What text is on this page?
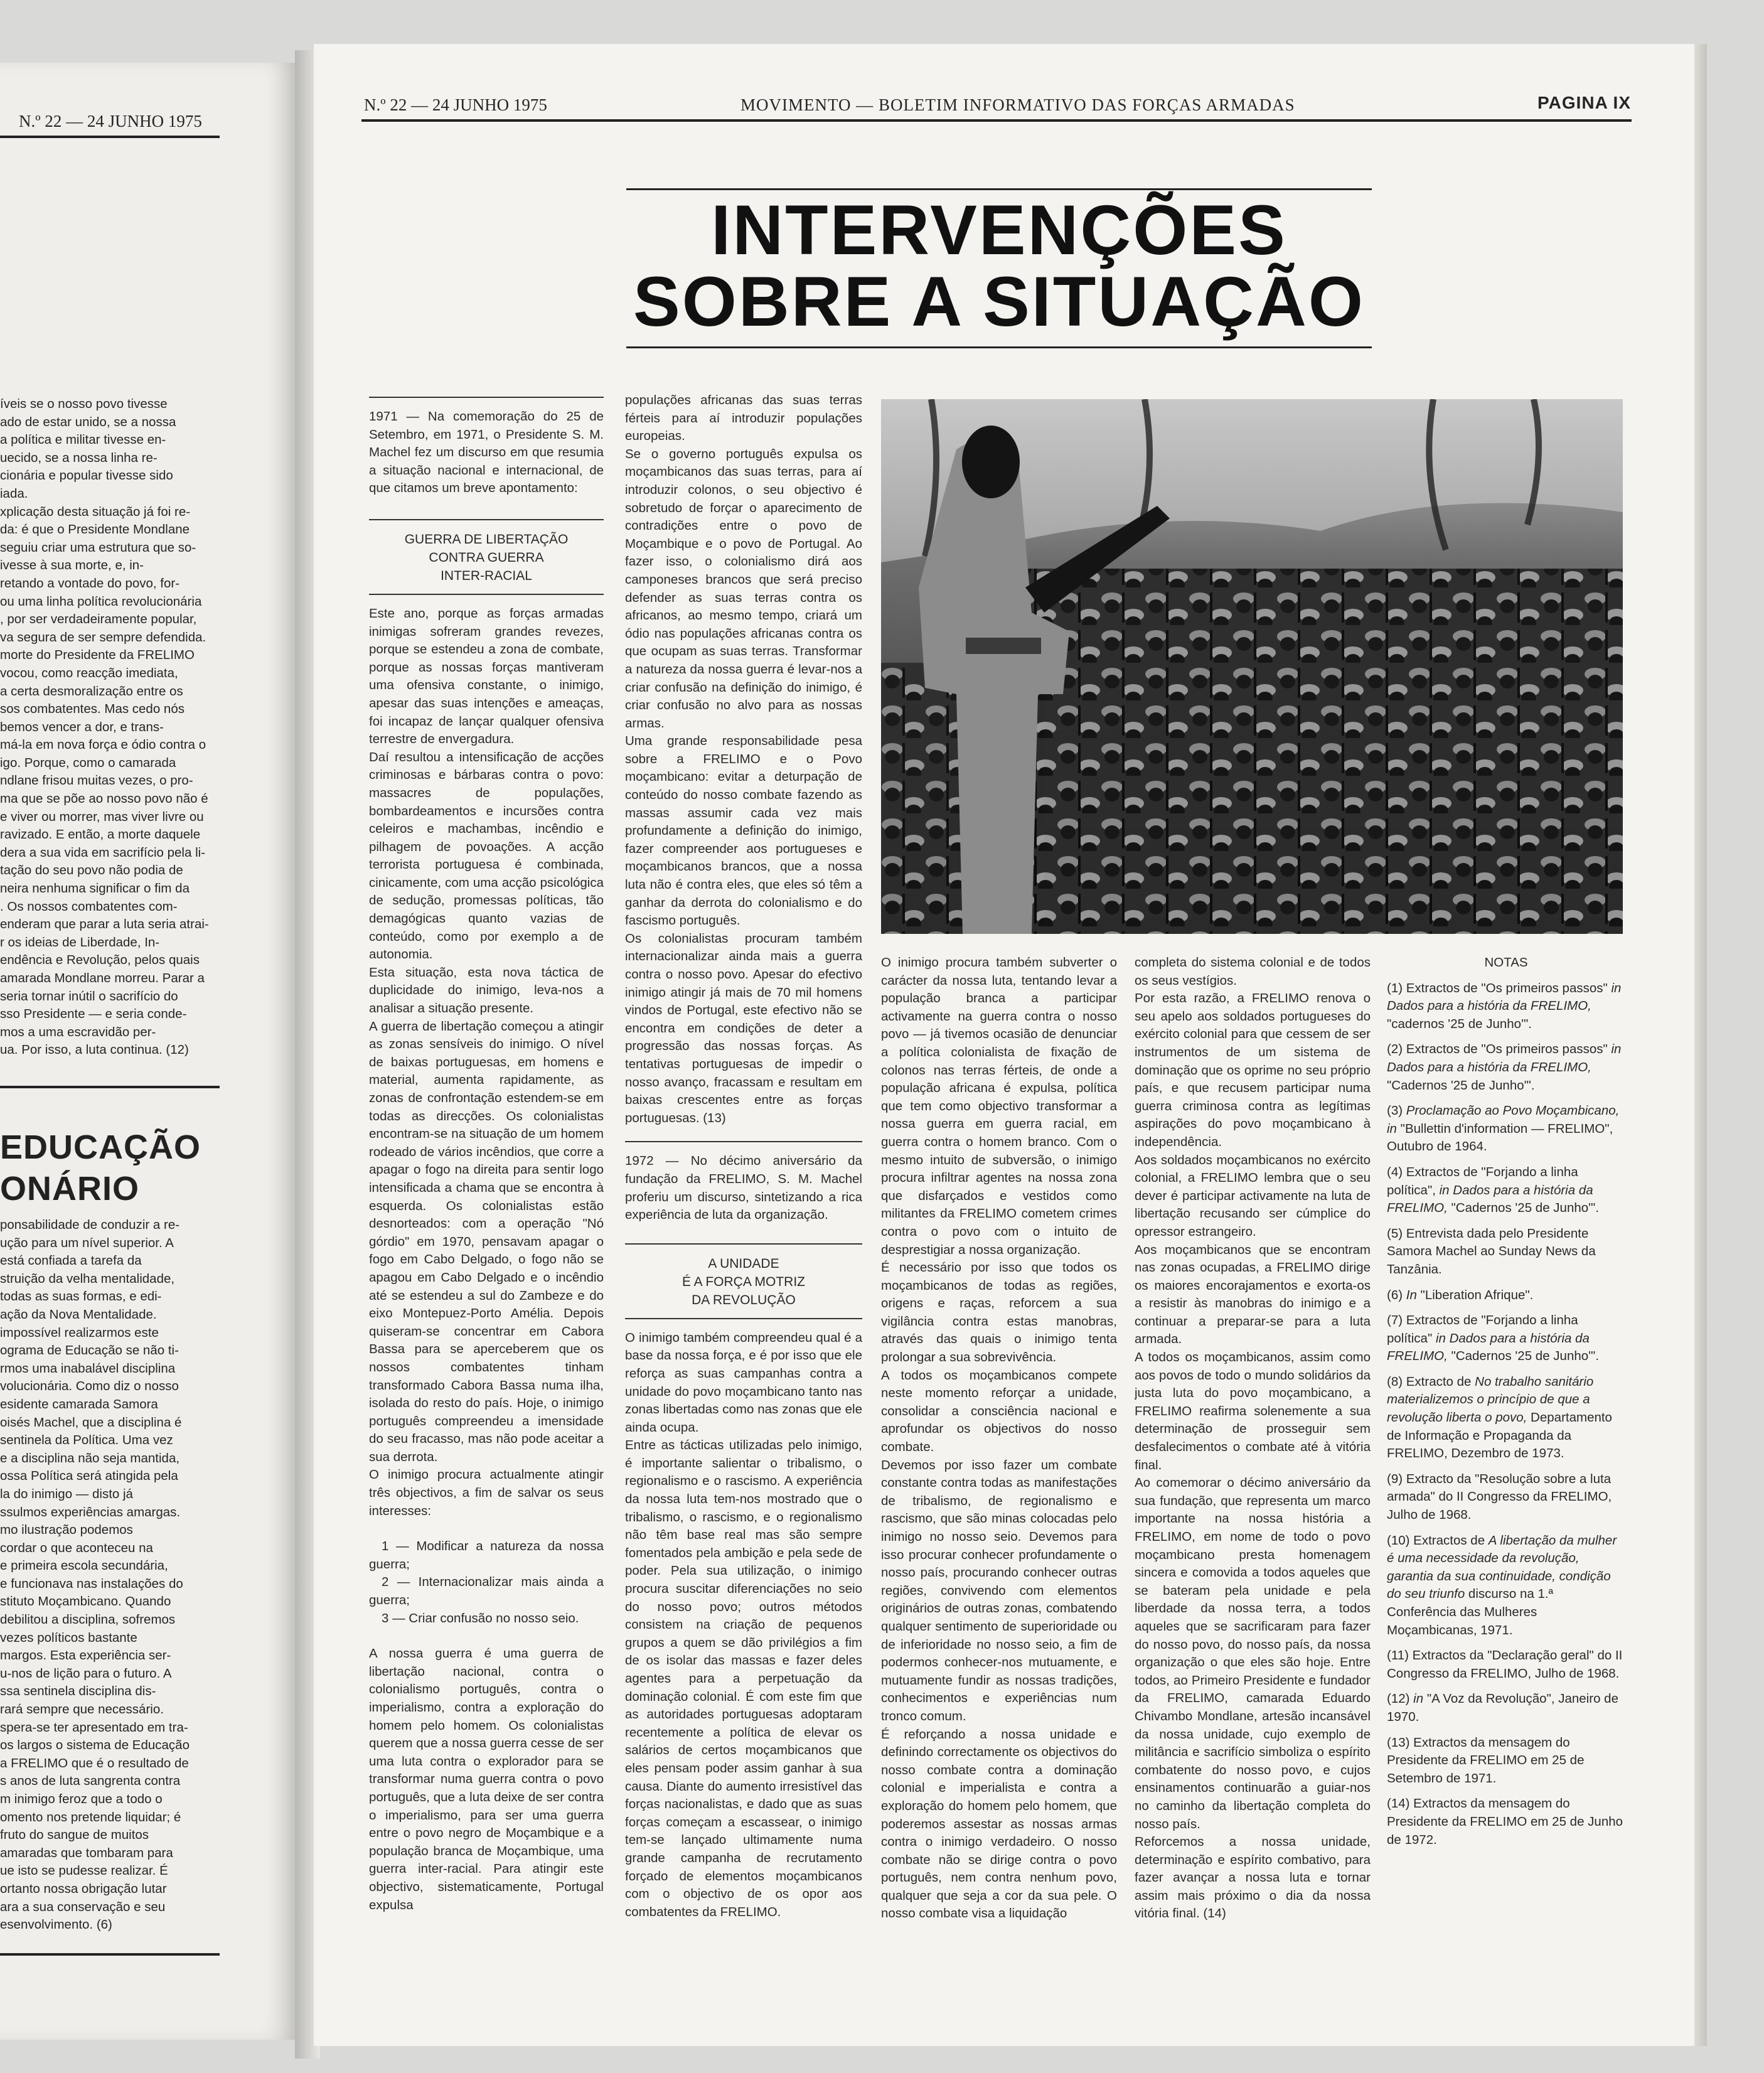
N.º 22 — 24 JUNHO 1975
íveis se o nosso povo tivesse
ado de estar unido, se a nossa
a política e militar tivesse en-
uecido, se a nossa linha re-
cionária e popular tivesse sido
iada.
xplicação desta situação já foi re-
da: é que o Presidente Mondlane
seguiu criar uma estrutura que so-
ivesse à sua morte, e, in-
retando a vontade do povo, for-
ou uma linha política revolucionária
, por ser verdadeiramente popular,
va segura de ser sempre defendida.
morte do Presidente da FRELIMO
vocou, como reacção imediata,
a certa desmoralização entre os
sos combatentes. Mas cedo nós
bemos vencer a dor, e trans-
má-la em nova força e ódio contra o
igo. Porque, como o camarada
ndlane frisou muitas vezes, o pro-
ma que se põe ao nosso povo não é
e viver ou morrer, mas viver livre ou
ravizado. E então, a morte daquele
dera a sua vida em sacrifício pela li-
tação do seu povo não podia de
neira nenhuma significar o fim da
. Os nossos combatentes com-
enderam que parar a luta seria atrai-
r os ideias de Liberdade, In-
endência e Revolução, pelos quais
amarada Mondlane morreu. Parar a
seria tornar inútil o sacrifício do
sso Presidente — e seria conde-
mos a uma escravidão per-
ua. Por isso, a luta continua. (12)
EDUCAÇÃO
ONÁRIO
ponsabilidade de conduzir a re-
ução para um nível superior. A
está confiada a tarefa da
struição da velha mentalidade,
todas as suas formas, e edi-
ação da Nova Mentalidade.
impossível realizarmos este
ograma de Educação se não ti-
rmos uma inabalável disciplina
volucionária. Como diz o nosso
esidente camarada Samora
oisés Machel, que a disciplina é
sentinela da Política. Uma vez
e a disciplina não seja mantida,
ossa Política será atingida pela
la do inimigo — disto já
ssulmos experiências amargas.
mo ilustração podemos
cordar o que aconteceu na
e primeira escola secundária,
e funcionava nas instalações do
stituto Moçambicano. Quando
debilitou a disciplina, sofremos
vezes políticos bastante
margos. Esta experiência ser-
u-nos de lição para o futuro. A
ssa sentinela disciplina dis-
rará sempre que necessário.
spera-se ter apresentado em tra-
os largos o sistema de Educação
a FRELIMO que é o resultado de
s anos de luta sangrenta contra
m inimigo feroz que a todo o
omento nos pretende liquidar; é
fruto do sangue de muitos
amaradas que tombaram para
ue isto se pudesse realizar. É
ortanto nossa obrigação lutar
ara a sua conservação e seu
esenvolvimento. (6)
N.º 22 — 24 JUNHO 1975	MOVIMENTO — BOLETIM INFORMATIVO DAS FORÇAS ARMADAS	PAGINA IX
INTERVENÇÕES
SOBRE A SITUAÇÃO

1971 — Na comemoração do 25 de Setembro, em 1971, o Presidente S. M. Machel fez um discurso em que resumia a situação nacional e internacional, de que citamos um breve apontamento:

GUERRA DE LIBERTAÇÃO
CONTRA GUERRA
INTER-RACIAL

Este ano, porque as forças armadas inimigas sofreram grandes revezes, porque se estendeu a zona de combate, porque as nossas forças mantiveram uma ofensiva constante, o inimigo, apesar das suas intenções e ameaças, foi incapaz de lançar qualquer ofensiva terrestre de envergadura.

Daí resultou a intensificação de acções criminosas e bárbaras contra o povo: massacres de populações, bombardeamentos e incursões contra celeiros e machambas, incêndio e pilhagem de povoações. A acção terrorista portuguesa é combinada, cinicamente, com uma acção psicológica de sedução, promessas políticas, tão demagógicas quanto vazias de conteúdo, como por exemplo a de autonomia.

Esta situação, esta nova táctica de duplicidade do inimigo, leva-nos a analisar a situação presente.

A guerra de libertação começou a atingir as zonas sensíveis do inimigo. O nível de baixas portuguesas, em homens e material, aumenta rapidamente, as zonas de confrontação estendem-se em todas as direcções. Os colonialistas encontram-se na situação de um homem rodeado de vários incêndios, que corre a apagar o fogo na direita para sentir logo intensificada a chama que se encontra à esquerda. Os colonialistas estão desnorteados: com a operação "Nó górdio" em 1970, pensavam apagar o fogo em Cabo Delgado, o fogo não se apagou em Cabo Delgado e o incêndio até se estendeu a sul do Zambeze e do eixo Montepuez-Porto Amélia. Depois quiseram-se concentrar em Cabora Bassa para se aperceberem que os nossos combatentes tinham transformado Cabora Bassa numa ilha, isolada do resto do país. Hoje, o inimigo português compreendeu a imensidade do seu fracasso, mas não pode aceitar a sua derrota.

O inimigo procura actualmente atingir três objectivos, a fim de salvar os seus interesses:

1 — Modificar a natureza da nossa guerra;

2 — Internacionalizar mais ainda a guerra;

3 — Criar confusão no nosso seio.

A nossa guerra é uma guerra de libertação nacional, contra o colonialismo português, contra o imperialismo, contra a exploração do homem pelo homem. Os colonialistas querem que a nossa guerra cesse de ser uma luta contra o explorador para se transformar numa guerra contra o povo português, que a luta deixe de ser contra o imperialismo, para ser uma guerra entre o povo negro de Moçambique e a população branca de Moçambique, uma guerra inter-racial. Para atingir este objectivo, sistematicamente, Portugal expulsa

populações africanas das suas terras férteis para aí introduzir populações europeias.

Se o governo português expulsa os moçambicanos das suas terras, para aí introduzir colonos, o seu objectivo é sobretudo de forçar o aparecimento de contradições entre o povo de Moçambique e o povo de Portugal. Ao fazer isso, o colonialismo dirá aos camponeses brancos que será preciso defender as suas terras contra os africanos, ao mesmo tempo, criará um ódio nas populações africanas contra os que ocupam as suas terras. Transformar a natureza da nossa guerra é levar-nos a criar confusão na definição do inimigo, é criar confusão no alvo para as nossas armas.

Uma grande responsabilidade pesa sobre a FRELIMO e o Povo moçambicano: evitar a deturpação de conteúdo do nosso combate fazendo as massas assumir cada vez mais profundamente a definição do inimigo, fazer compreender aos portugueses e moçambicanos brancos, que a nossa luta não é contra eles, que eles só têm a ganhar da derrota do colonialismo e do fascismo português.

Os colonialistas procuram também internacionalizar ainda mais a guerra contra o nosso povo. Apesar do efectivo inimigo atingir já mais de 70 mil homens vindos de Portugal, este efectivo não se encontra em condições de deter a progressão das nossas forças. As tentativas portuguesas de impedir o nosso avanço, fracassam e resultam em baixas crescentes entre as forças portuguesas. (13)

1972 — No décimo aniversário da fundação da FRELIMO, S. M. Machel proferiu um discurso, sintetizando a rica experiência de luta da organização.

A UNIDADE
É A FORÇA MOTRIZ
DA REVOLUÇÃO

O inimigo também compreendeu qual é a base da nossa força, e é por isso que ele reforça as suas campanhas contra a unidade do povo moçambicano tanto nas zonas libertadas como nas zonas que ele ainda ocupa.

Entre as tácticas utilizadas pelo inimigo, é importante salientar o tribalismo, o regionalismo e o rascismo. A experiência da nossa luta tem-nos mostrado que o tribalismo, o rascismo, e o regionalismo não têm base real mas são sempre fomentados pela ambição e pela sede de poder. Pela sua utilização, o inimigo procura suscitar diferenciações no seio do nosso povo; outros métodos consistem na criação de pequenos grupos a quem se dão privilégios a fim de os isolar das massas e fazer deles agentes para a perpetuação da dominação colonial. É com este fim que as autoridades portuguesas adoptaram recentemente a política de elevar os salários de certos moçambicanos que eles pensam poder assim ganhar à sua causa. Diante do aumento irresistível das forças nacionalistas, e dado que as suas forças começam a escassear, o inimigo tem-se lançado ultimamente numa grande campanha de recrutamento forçado de elementos moçambicanos com o objectivo de os opor aos combatentes da FRELIMO.

O inimigo procura também subverter o carácter da nossa luta, tentando levar a população branca a participar activamente na guerra contra o nosso povo — já tivemos ocasião de denunciar a política colonialista de fixação de colonos nas terras férteis, de onde a população africana é expulsa, política que tem como objectivo transformar a nossa guerra em guerra racial, em guerra contra o homem branco. Com o mesmo intuito de subversão, o inimigo procura infiltrar agentes na nossa zona que disfarçados e vestidos como militantes da FRELIMO cometem crimes contra o povo com o intuito de desprestigiar a nossa organização.

É necessário por isso que todos os moçambicanos de todas as regiões, origens e raças, reforcem a sua vigilância contra estas manobras, através das quais o inimigo tenta prolongar a sua sobrevivência.

A todos os moçambicanos compete neste momento reforçar a unidade, consolidar a consciência nacional e aprofundar os objectivos do nosso combate.

Devemos por isso fazer um combate constante contra todas as manifestações de tribalismo, de regionalismo e rascismo, que são minas colocadas pelo inimigo no nosso seio. Devemos para isso procurar conhecer profundamente o nosso país, procurando conhecer outras regiões, convivendo com elementos originários de outras zonas, combatendo qualquer sentimento de superioridade ou de inferioridade no nosso seio, a fim de podermos conhecer-nos mutuamente, e mutuamente fundir as nossas tradições, conhecimentos e experiências num tronco comum.

É reforçando a nossa unidade e definindo correctamente os objectivos do nosso combate contra a dominação colonial e imperialista e contra a exploração do homem pelo homem, que poderemos assestar as nossas armas contra o inimigo verdadeiro. O nosso combate não se dirige contra o povo português, nem contra nenhum povo, qualquer que seja a cor da sua pele. O nosso combate visa a liquidação

completa do sistema colonial e de todos os seus vestígios.

Por esta razão, a FRELIMO renova o seu apelo aos soldados portugueses do exército colonial para que cessem de ser instrumentos de um sistema de dominação que os oprime no seu próprio país, e que recusem participar numa guerra criminosa contra as legítimas aspirações do povo moçambicano à independência.

Aos soldados moçambicanos no exército colonial, a FRELIMO lembra que o seu dever é participar activamente na luta de libertação recusando ser cúmplice do opressor estrangeiro.

Aos moçambicanos que se encontram nas zonas ocupadas, a FRELIMO dirige os maiores encorajamentos e exorta-os a resistir às manobras do inimigo e a continuar a preparar-se para a luta armada.

A todos os moçambicanos, assim como aos povos de todo o mundo solidários da justa luta do povo moçambicano, a FRELIMO reafirma solenemente a sua determinação de prosseguir sem desfalecimentos o combate até à vitória final.

Ao comemorar o décimo aniversário da sua fundação, que representa um marco importante na nossa história a FRELIMO, em nome de todo o povo moçambicano presta homenagem sincera e comovida a todos aqueles que se bateram pela unidade e pela liberdade da nossa terra, a todos aqueles que se sacrificaram para fazer do nosso povo, do nosso país, da nossa organização o que eles são hoje. Entre todos, ao Primeiro Presidente e fundador da FRELIMO, camarada Eduardo Chivambo Mondlane, artesão incansável da nossa unidade, cujo exemplo de militância e sacrifício simboliza o espírito combatente do nosso povo, e cujos ensinamentos continuarão a guiar-nos no caminho da libertação completa do nosso país.

Reforcemos a nossa unidade, determinação e espírito combativo, para fazer avançar a nossa luta e tornar assim mais próximo o dia da nossa vitória final. (14)

NOTAS

(1) Extractos de "Os primeiros passos" in Dados para a história da FRELIMO, "cadernos '25 de Junho'".

(2) Extractos de "Os primeiros passos" in Dados para a história da FRELIMO, "Cadernos '25 de Junho'".

(3) Proclamação ao Povo Moçambicano, in "Bullettin d'information — FRELIMO", Outubro de 1964.

(4) Extractos de "Forjando a linha política", in Dados para a história da FRELIMO, "Cadernos '25 de Junho'".

(5) Entrevista dada pelo Presidente Samora Machel ao Sunday News da Tanzânia.

(6) In "Liberation Afrique".

(7) Extractos de "Forjando a linha política" in Dados para a história da FRELIMO, "Cadernos '25 de Junho'".

(8) Extracto de No trabalho sanitário materializemos o princípio de que a revolução liberta o povo, Departamento de Informação e Propaganda da FRELIMO, Dezembro de 1973.

(9) Extracto da "Resolução sobre a luta armada" do II Congresso da FRELIMO, Julho de 1968.

(10) Extractos de A libertação da mulher é uma necessidade da revolução, garantia da sua continuidade, condição do seu triunfo discurso na 1.ª Conferência das Mulheres Moçambicanas, 1971.

(11) Extractos da "Declaração geral" do II Congresso da FRELIMO, Julho de 1968.

(12) in "A Voz da Revolução", Janeiro de 1970.

(13) Extractos da mensagem do Presidente da FRELIMO em 25 de Setembro de 1971.

(14) Extractos da mensagem do Presidente da FRELIMO em 25 de Junho de 1972.
